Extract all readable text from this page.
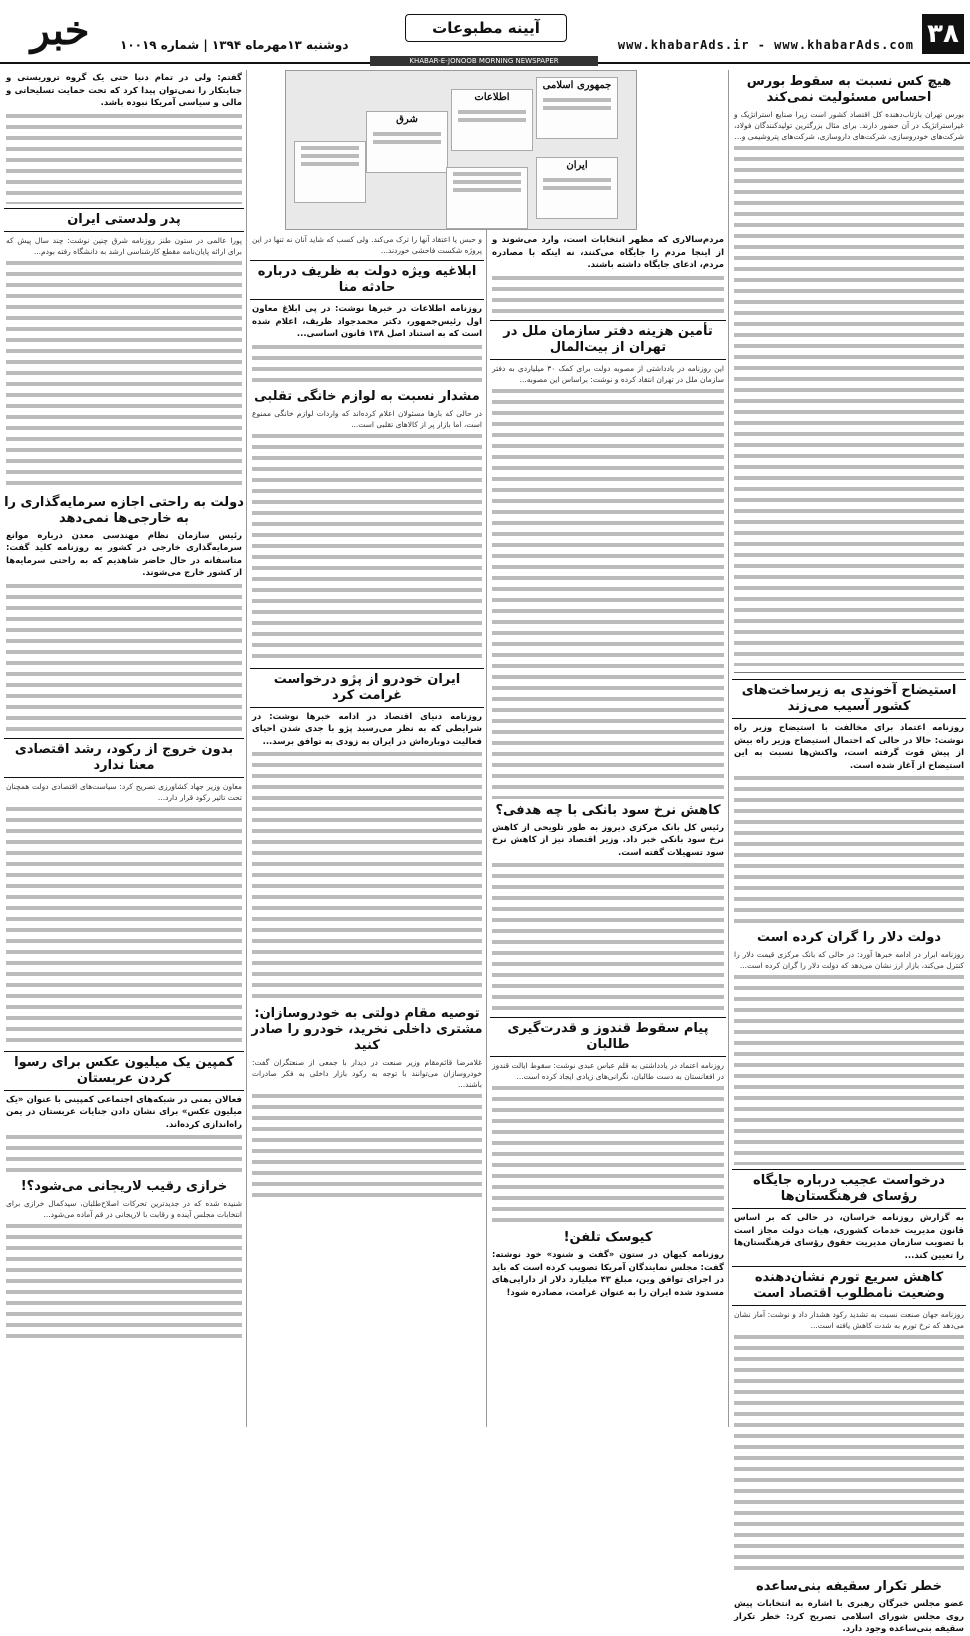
۳۸
www.khabarAds.ir - www.khabarAds.com
آیینه مطبوعات
دوشنبه ۱۳مهرماه ۱۳۹۴ | شماره ۱۰۰۱۹
خبر
KHABAR-E-JONOOB MORNING NEWSPAPER
هیچ کس نسبت به سقوط بورس احساس مسئولیت نمی‌کند
بورس تهران بازتاب‌دهنده کل اقتصاد کشور است زیرا صنایع استراتژیک و غیراستراتژیک در آن حضور دارند. برای مثال بزرگترین تولیدکنندگان فولاد، شرکت‌های خودروسازی، شرکت‌های داروسازی، شرکت‌های پتروشیمی و...
استیضاح آخوندی به زیرساخت‌های کشور آسیب می‌زند
روزنامه اعتماد برای مخالفت با استیضاح وزیر راه نوشت: حالا در حالی که احتمال استیضاح وزیر راه بیش از پیش قوت گرفته است، واکنش‌ها نسبت به این استیضاح از آغاز شده است.
دولت دلار را گران کرده است
روزنامه ابرار در ادامه خبرها آورد: در حالی که بانک مرکزی قیمت دلار را کنترل می‌کند، بازار ارز نشان می‌دهد که دولت دلار را گران کرده است...
درخواست عجیب درباره جایگاه رؤسای فرهنگستان‌ها
به گزارش روزنامه خراسان، در حالی که بر اساس قانون مدیریت خدمات کشوری، هیات دولت مجاز است با تصویب سازمان مدیریت حقوق رؤسای فرهنگستان‌ها را تعیین کند...
کاهش سریع تورم نشان‌دهنده وضعیت نامطلوب اقتصاد است
روزنامه جهان صنعت نسبت به تشدید رکود هشدار داد و نوشت: آمار نشان می‌دهد که نرخ تورم به شدت کاهش یافته است...
خطر تکرار سقیفه بنی‌ساعده
عضو مجلس خبرگان رهبری با اشاره به انتخابات پیش روی مجلس شورای اسلامی تصریح کرد: خطر تکرار سقیفه بنی‌ساعده وجود دارد.
جمهوری اسلامی
اطلاعات
ایران
شرق
مردم‌سالاری که مظهر انتخابات است، وارد می‌شوند و از اینجا مردم را جایگاه می‌کنند، نه اینکه با مصادره مردم، ادعای جایگاه داشته باشند.
تأمین هزینه دفتر سازمان ملل در تهران از بیت‌المال
این روزنامه در یادداشتی از مصوبه دولت برای کمک ۳۰ میلیاردی به دفتر سازمان ملل در تهران انتقاد کرده و نوشت: براساس این مصوبه...
کاهش نرخ سود بانکی با چه هدفی؟
رئیس کل بانک مرکزی دیروز به طور تلویحی از کاهش نرخ سود بانکی خبر داد. وزیر اقتصاد نیز از کاهش نرخ سود تسهیلات گفته است.
پیام سقوط قندوز و قدرت‌گیری طالبان
روزنامه اعتماد در یادداشتی به قلم عباس عبدی نوشت: سقوط ایالت قندوز در افغانستان به دست طالبان، نگرانی‌های زیادی ایجاد کرده است...
کیوسک تلفن!
روزنامه کیهان در ستون «گفت و شنود» خود نوشته: گفت: مجلس نمایندگان آمریکا تصویب کرده است که باید در اجرای توافق وین، مبلغ ۴۳ میلیارد دلار از دارایی‌های مسدود شده ایران را به عنوان غرامت، مصادره شود!
و حبس یا اعتقاد آنها را ترک می‌کند. ولی کسب که شاید آنان نه تنها در این پروژه شکست فاحشی خوردند...
ابلاغیه ویژه دولت به ظریف درباره حادثه منا
روزنامه اطلاعات در خبرها نوشت: در پی ابلاغ معاون اول رئیس‌جمهور، دکتر محمدجواد ظریف، اعلام شده است که به استناد اصل ۱۳۸ قانون اساسی...
مشدار نسبت به لوازم خانگی تقلبی
در حالی که بارها مسئولان اعلام کرده‌اند که واردات لوازم خانگی ممنوع است، اما بازار پر از کالاهای تقلبی است...
ایران خودرو از پژو درخواست غرامت کرد
روزنامه دنیای اقتصاد در ادامه خبرها نوشت: در شرایطی که به نظر می‌رسید پژو با جدی شدن احیای فعالیت دوباره‌اش در ایران به زودی به توافق برسد...
توصیه مقام دولتی به خودروسازان: مشتری داخلی نخرید، خودرو را صادر کنید
غلامرضا قائم‌مقام وزیر صنعت در دیدار با جمعی از صنعتگران گفت: خودروسازان می‌توانند با توجه به رکود بازار داخلی به فکر صادرات باشند...
گفتم: ولی در تمام دنیا حتی یک گروه تروریستی و جنایتکار را نمی‌توان پیدا کرد که تحت حمایت تسلیحاتی و مالی و سیاسی آمریکا نبوده باشد.
پدر ولدستی ایران
پورا عالمی در ستون طنز روزنامه شرق چنین نوشت: چند سال پیش که برای ارائه پایان‌نامه مقطع کارشناسی ارشد به دانشگاه رفته بودم...
دولت به راحتی اجازه سرمایه‌گذاری را به خارجی‌ها نمی‌دهد
رئیس سازمان نظام مهندسی معدن درباره موانع سرمایه‌گذاری خارجی در کشور به روزنامه کلید گفت: متاسفانه در حال حاضر شاهدیم که به راحتی سرمایه‌ها از کشور خارج می‌شوند.
بدون خروج از رکود، رشد اقتصادی معنا ندارد
معاون وزیر جهاد کشاورزی تصریح کرد: سیاست‌های اقتصادی دولت همچنان تحت تاثیر رکود قرار دارد...
کمپین یک میلیون عکس برای رسوا کردن عربستان
فعالان یمنی در شبکه‌های اجتماعی کمپینی با عنوان «یک میلیون عکس» برای نشان دادن جنایات عربستان در یمن راه‌اندازی کرده‌اند.
خرازی رقیب لاریجانی می‌شود؟!
شنیده شده که در جدیدترین تحرکات اصلاح‌طلبان، سیدکمال خرازی برای انتخابات مجلس آینده و رقابت با لاریجانی در قم آماده می‌شود...
